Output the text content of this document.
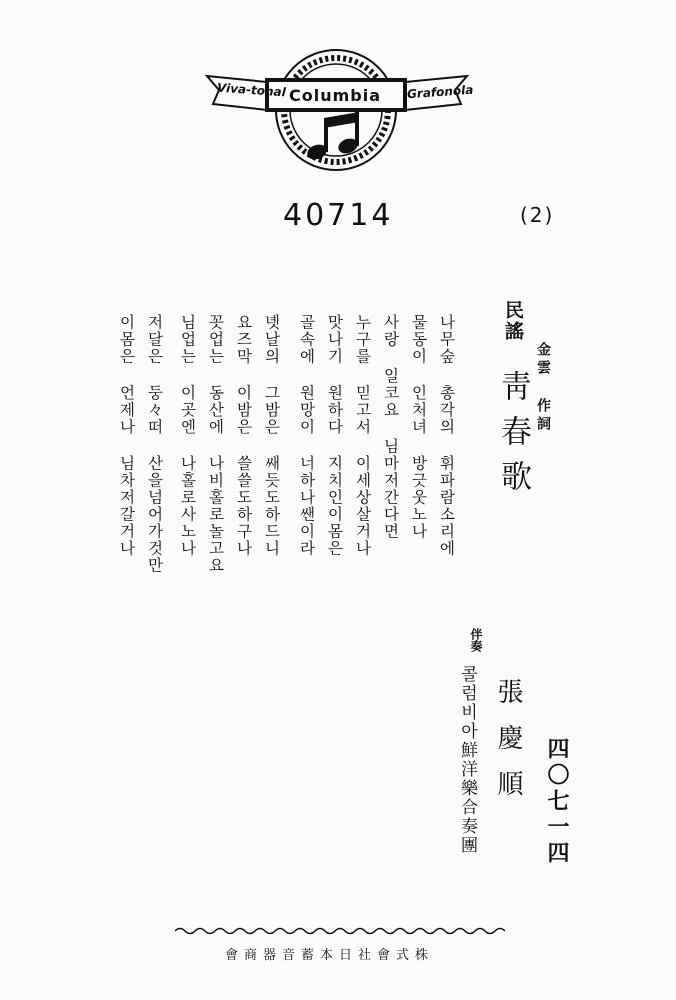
Viva-tonal Columbia Grafonola
40714	(2)
民謠
金雲 作詞
靑春歌
나무숲 총각의 휘파람소리에
물동이 인처녀 방긋웃노나
사랑 일코요 님마저간다면
누구를 믿고서 이세상살거나
맛나기 원하다 지치인이몸은
골속에 원망이 너하나쌘이라
녯날의 그밤은 쌔듯도하드니
요즈막 이밤은 쓸쓸도하구나
꼿업는 동산에 나비홀로놀고요
님업는 이곳엔 나홀로사노나
저달은 둥々떠 산을넘어가것만
이몸은 언제나 님차저갈거나
伴奏
콜럼비아鮮洋樂合奏團 張慶順 四〇七一四
株式會社日本蓄音器商會
